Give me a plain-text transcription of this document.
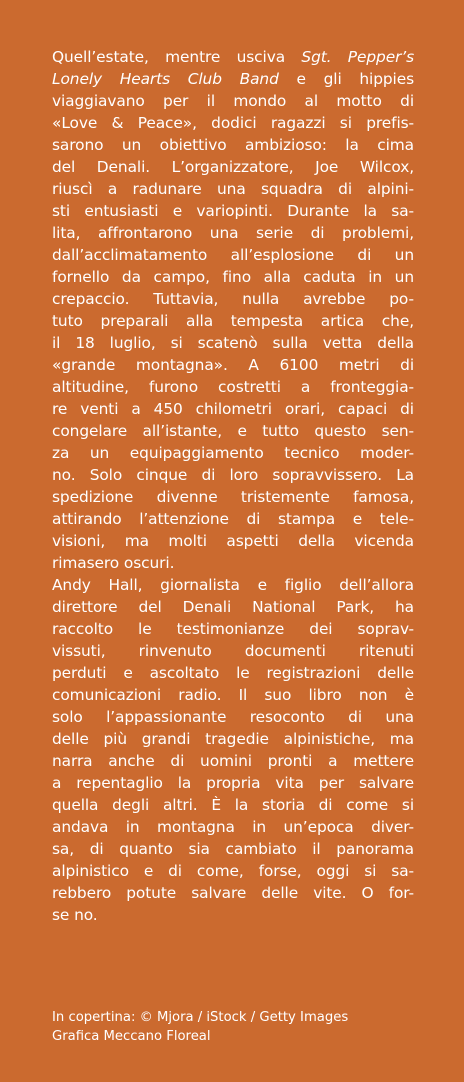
Quell’estate, mentre usciva Sgt. Pepper’s
Lonely Hearts Club Band e gli hippies
viaggiavano per il mondo al motto di
«Love & Peace», dodici ragazzi si prefis-
sarono un obiettivo ambizioso: la cima
del Denali. L’organizzatore, Joe Wilcox,
riuscì a radunare una squadra di alpini-
sti entusiasti e variopinti. Durante la sa-
lita, affrontarono una serie di problemi,
dall’acclimatamento all’esplosione di un
fornello da campo, fino alla caduta in un
crepaccio. Tuttavia, nulla avrebbe po-
tuto preparali alla tempesta artica che,
il 18 luglio, si scatenò sulla vetta della
«grande montagna». A 6100 metri di
altitudine, furono costretti a fronteggia-
re venti a 450 chilometri orari, capaci di
congelare all’istante, e tutto questo sen-
za un equipaggiamento tecnico moder-
no. Solo cinque di loro sopravvissero. La
spedizione divenne tristemente famosa,
attirando l’attenzione di stampa e tele-
visioni, ma molti aspetti della vicenda
rimasero oscuri.

Andy Hall, giornalista e figlio dell’allora
direttore del Denali National Park, ha
raccolto le testimonianze dei soprav-
vissuti, rinvenuto documenti ritenuti
perduti e ascoltato le registrazioni delle
comunicazioni radio. Il suo libro non è
solo l’appassionante resoconto di una
delle più grandi tragedie alpinistiche, ma
narra anche di uomini pronti a mettere
a repentaglio la propria vita per salvare
quella degli altri. È la storia di come si
andava in montagna in un’epoca diver-
sa, di quanto sia cambiato il panorama
alpinistico e di come, forse, oggi si sa-
rebbero potute salvare delle vite. O for-
se no.

In copertina: © Mjora / iStock / Getty Images
Grafica Meccano Floreal
